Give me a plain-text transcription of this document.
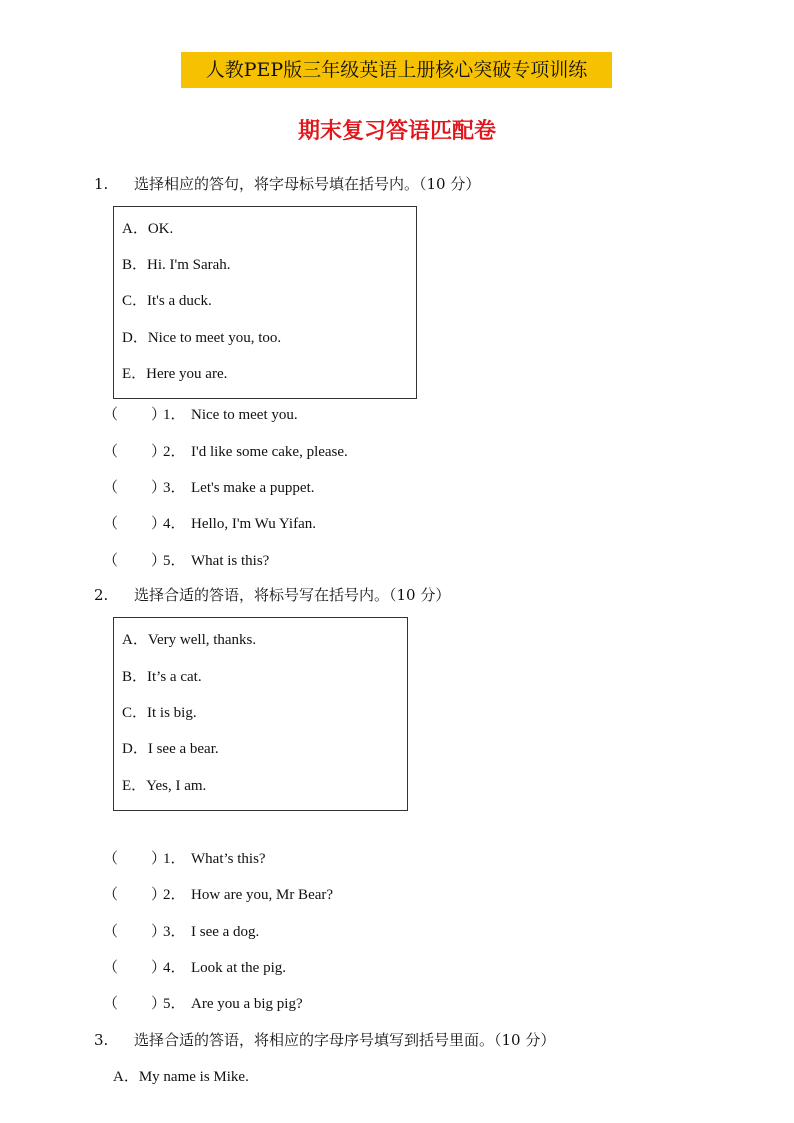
人教PEP版三年级英语上册核心突破专项训练
期末复习答语匹配卷
1. 选择相应的答句，将字母标号填在括号内。（10 分）
A．OK.
B．Hi. I'm Sarah.
C．It's a duck.
D．Nice to meet you, too.
E．Here you are.
（ ）1． Nice to meet you.
（ ）2． I'd like some cake, please.
（ ）3． Let's make a puppet.
（ ）4． Hello, I'm Wu Yifan.
（ ）5． What is this?
2. 选择合适的答语，将标号写在括号内。（10 分）
A．Very well, thanks.
B．It’s a cat.
C．It is big.
D．I see a bear.
E．Yes, I am.
（ ）1． What’s this?
（ ）2． How are you, Mr Bear?
（ ）3． I see a dog.
（ ）4． Look at the pig.
（ ）5． Are you a big pig?
3. 选择合适的答语，将相应的字母序号填写到括号里面。（10 分）
A．My name is Mike.
